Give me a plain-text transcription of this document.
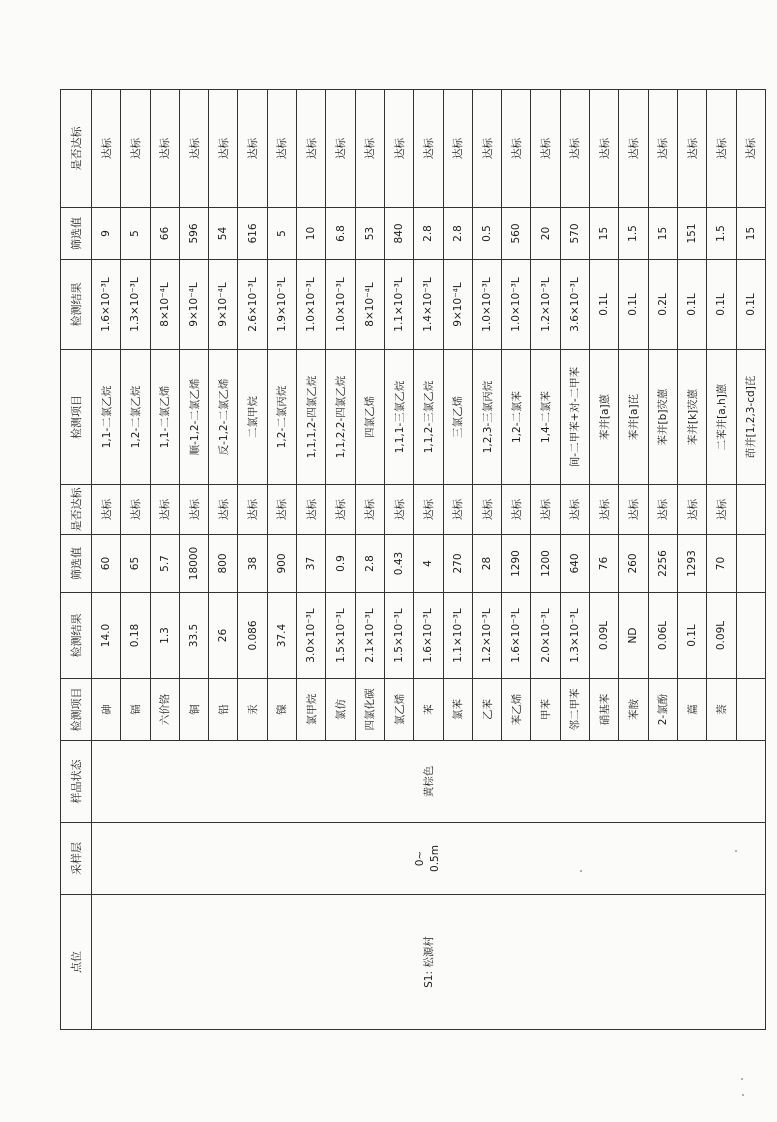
点位	采样层	样品状态	检测项目	检测结果	筛选值	是否达标	检测项目	检测结果	筛选值	是否达标
S1: 松源村	0~ 0.5m	黄棕色	砷	14.0	60	达标	1,1-二氯乙烷	1.6×10⁻³L	9	达标
			镉	0.18	65	达标	1,2-二氯乙烷	1.3×10⁻³L	5	达标
			六价铬	1.3	5.7	达标	1,1-二氯乙烯	8×10⁻⁴L	66	达标
			铜	33.5	18000	达标	顺-1,2-二氯乙烯	9×10⁻⁴L	596	达标
			铅	26	800	达标	反-1,2-二氯乙烯	9×10⁻⁴L	54	达标
			汞	0.086	38	达标	二氯甲烷	2.6×10⁻³L	616	达标
			镍	37.4	900	达标	1,2-二氯丙烷	1.9×10⁻³L	5	达标
			氯甲烷	3.0×10⁻³L	37	达标	1,1,1,2-四氯乙烷	1.0×10⁻³L	10	达标
			氯仿	1.5×10⁻³L	0.9	达标	1,1,2,2-四氯乙烷	1.0×10⁻³L	6.8	达标
			四氯化碳	2.1×10⁻³L	2.8	达标	四氯乙烯	8×10⁻⁴L	53	达标
			氯乙烯	1.5×10⁻³L	0.43	达标	1,1,1-三氯乙烷	1.1×10⁻³L	840	达标
			苯	1.6×10⁻³L	4	达标	1,1,2-三氯乙烷	1.4×10⁻³L	2.8	达标
			氯苯	1.1×10⁻³L	270	达标	三氯乙烯	9×10⁻⁴L	2.8	达标
			乙苯	1.2×10⁻³L	28	达标	1,2,3-三氯丙烷	1.0×10⁻³L	0.5	达标
			苯乙烯	1.6×10⁻³L	1290	达标	1,2-二氯苯	1.0×10⁻³L	560	达标
			甲苯	2.0×10⁻³L	1200	达标	1,4-二氯苯	1.2×10⁻³L	20	达标
			邻二甲苯	1.3×10⁻³L	640	达标	间-二甲苯+对-二甲苯	3.6×10⁻³L	570	达标
			硝基苯	0.09L	76	达标	苯并[a]蒽	0.1L	15	达标
			苯胺	ND	260	达标	苯并[a]芘	0.1L	1.5	达标
			2-氯酚	0.06L	2256	达标	苯并[b]荧蒽	0.2L	15	达标
			萹	0.1L	1293	达标	苯并[k]荧蒽	0.1L	151	达标
			萘	0.09L	70	达标	二苯并[a,h]蒽	0.1L	1.5	达标
							茚并[1,2,3-cd]芘	0.1L	15	达标
